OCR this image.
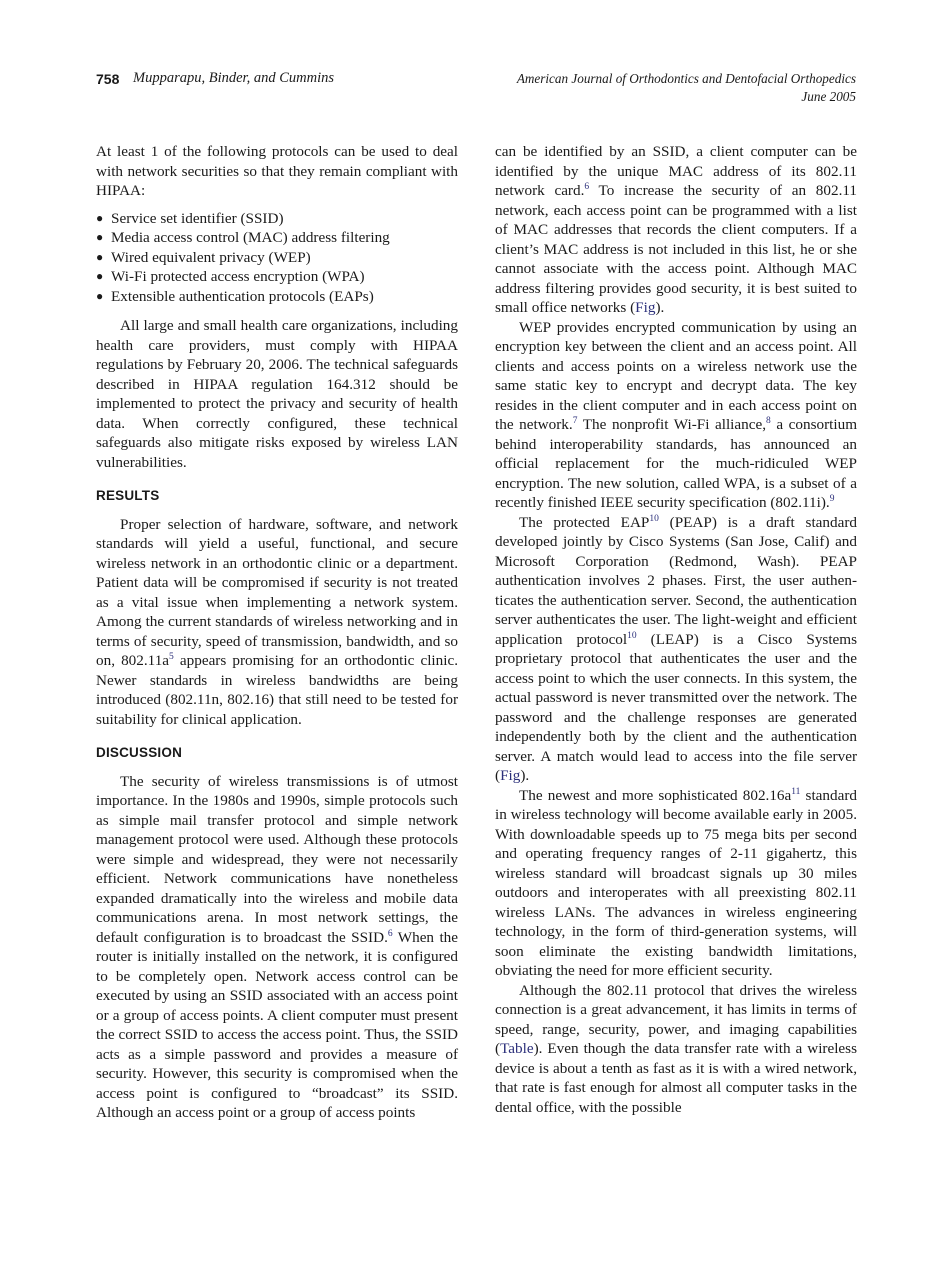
758 Mupparapu, Binder, and Cummins	American Journal of Orthodontics and Dentofacial Orthopedics
June 2005

At least 1 of the following protocols can be used to deal with network securities so that they remain compliant with HIPAA:

● Service set identifier (SSID)
● Media access control (MAC) address filtering
● Wired equivalent privacy (WEP)
● Wi-Fi protected access encryption (WPA)
● Extensible authentication protocols (EAPs)

All large and small health care organizations, including health care providers, must comply with HIPAA regulations by February 20, 2006. The technical safeguards described in HIPAA regulation 164.312 should be implemented to protect the privacy and security of health data. When correctly configured, these technical safeguards also mitigate risks exposed by wireless LAN vulnerabilities.

RESULTS

Proper selection of hardware, software, and network standards will yield a useful, functional, and secure wireless network in an orthodontic clinic or a department. Patient data will be compromised if security is not treated as a vital issue when implementing a network system. Among the current standards of wireless networking and in terms of security, speed of transmission, bandwidth, and so on, 802.11a$^5$ appears promising for an orthodontic clinic. Newer standards in wireless bandwidths are being introduced (802.11n, 802.16) that still need to be tested for suitability for clinical application.

DISCUSSION

The security of wireless transmissions is of utmost importance. In the 1980s and 1990s, simple protocols such as simple mail transfer protocol and simple network management protocol were used. Although these protocols were simple and widespread, they were not necessarily efficient. Network communications have nonetheless expanded dramatically into the wireless and mobile data communications arena. In most network settings, the default configuration is to broadcast the SSID.$^6$ When the router is initially installed on the network, it is configured to be completely open. Network access control can be executed by using an SSID associated with an access point or a group of access points. A client computer must present the correct SSID to access the access point. Thus, the SSID acts as a simple password and provides a measure of security. However, this security is compromised when the access point is configured to “broadcast” its SSID. Although an access point or a group of access points

can be identified by an SSID, a client computer can be identified by the unique MAC address of its 802.11 network card.$^6$ To increase the security of an 802.11 network, each access point can be programmed with a list of MAC addresses that records the client computers. If a client’s MAC address is not included in this list, he or she cannot associate with the access point. Although MAC address filtering provides good security, it is best suited to small office networks (Fig).

WEP provides encrypted communication by using an encryption key between the client and an access point. All clients and access points on a wireless network use the same static key to encrypt and decrypt data. The key resides in the client computer and in each access point on the network.$^7$ The nonprofit Wi-Fi alliance,$^8$ a consortium behind interoperability standards, has announced an official replacement for the much-ridiculed WEP encryption. The new solution, called WPA, is a subset of a recently finished IEEE security specification (802.11i).$^9$

The protected EAP$^{10}$ (PEAP) is a draft standard developed jointly by Cisco Systems (San Jose, Calif) and Microsoft Corporation (Redmond, Wash). PEAP authentication involves 2 phases. First, the user authenticates the authentication server. Second, the authentication server authenticates the user. The light-weight and efficient application protocol$^{10}$ (LEAP) is a Cisco Systems proprietary protocol that authenticates the user and the access point to which the user connects. In this system, the actual password is never transmitted over the network. The password and the challenge responses are generated independently both by the client and the authentication server. A match would lead to access into the file server (Fig).

The newest and more sophisticated 802.16a$^{11}$ standard in wireless technology will become available early in 2005. With downloadable speeds up to 75 mega bits per second and operating frequency ranges of 2-11 gigahertz, this wireless standard will broadcast signals up 30 miles outdoors and interoperates with all preexisting 802.11 wireless LANs. The advances in wireless engineering technology, in the form of third-generation systems, will soon eliminate the existing bandwidth limitations, obviating the need for more efficient security.

Although the 802.11 protocol that drives the wireless connection is a great advancement, it has limits in terms of speed, range, security, power, and imaging capabilities (Table). Even though the data transfer rate with a wireless device is about a tenth as fast as it is with a wired network, that rate is fast enough for almost all computer tasks in the dental office, with the possible
